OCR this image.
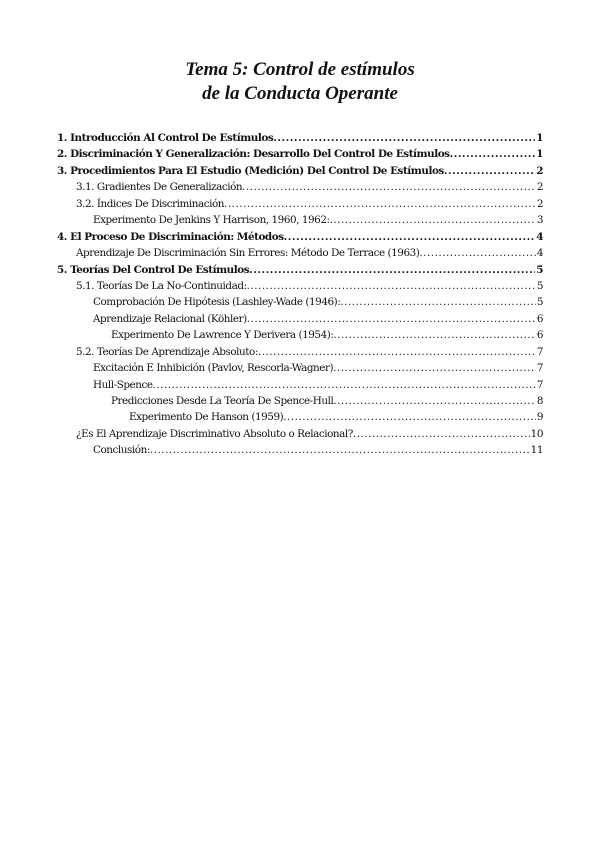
Tema 5: Control de estímulos
de la Conducta Operante
1. Introducción Al Control De Estímulos .....	1
2. Discriminación Y Generalización: Desarrollo Del Control De Estímulos .....	1
3. Procedimientos Para El Estudio (Medición) Del Control De Estímulos .....	2
3.1. Gradientes De Generalización .....	2
3.2. Índices De Discriminación .....	2
Experimento De Jenkins Y Harrison, 1960, 1962: .....	3
4. El Proceso De Discriminación: Métodos .....	4
Aprendizaje De Discriminación Sin Errores: Método De Terrace (1963) .....	4
5. Teorías Del Control De Estímulos .....	5
5.1. Teorías De La No-Continuidad: .....	5
Comprobación De Hipótesis (Lashley-Wade (1946): .....	5
Aprendizaje Relacional (Köhler) .....	6
Experimento De Lawrence Y Derivera (1954): .....	6
5.2. Teorías De Aprendizaje Absoluto: .....	7
Excitación E Inhibición (Pavlov, Rescorla-Wagner) .....	7
Hull-Spence .....	7
Predicciones Desde La Teoría De Spence-Hull .....	8
Experimento De Hanson (1959) .....	9
¿Es El Aprendizaje Discriminativo Absoluto o Relacional? .....	10
Conclusión: .....	11
